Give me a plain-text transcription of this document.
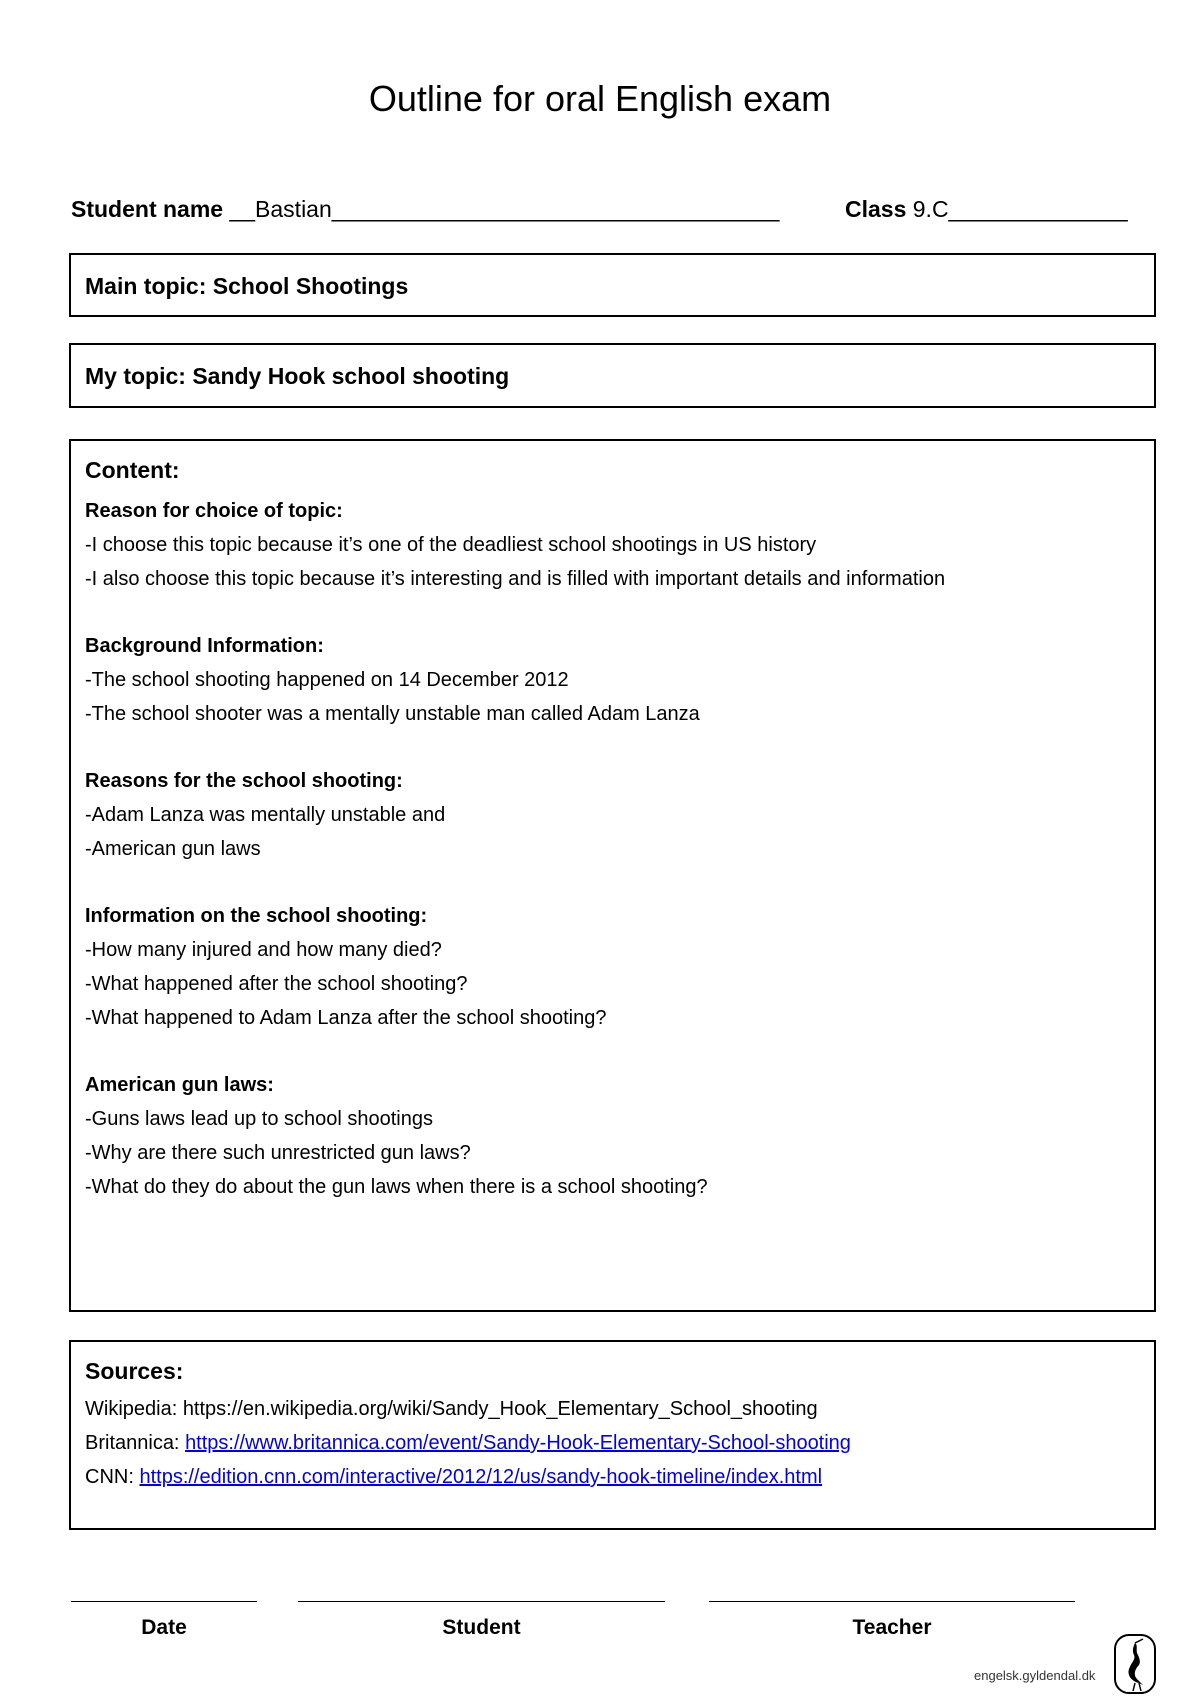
Outline for oral English exam
Student name __Bastian___________________________________	Class 9.C______________
Main topic: School Shootings
My topic: Sandy Hook school shooting
Content:
Reason for choice of topic:
-I choose this topic because it’s one of the deadliest school shootings in US history
-I also choose this topic because it’s interesting and is filled with important details and information
Background Information:
-The school shooting happened on 14 December 2012
-The school shooter was a mentally unstable man called Adam Lanza
Reasons for the school shooting:
-Adam Lanza was mentally unstable and
-American gun laws
Information on the school shooting:
-How many injured and how many died?
-What happened after the school shooting?
-What happened to Adam Lanza after the school shooting?
American gun laws:
-Guns laws lead up to school shootings
-Why are there such unrestricted gun laws?
-What do they do about the gun laws when there is a school shooting?
Sources:
Wikipedia: https://en.wikipedia.org/wiki/Sandy_Hook_Elementary_School_shooting
Britannica: https://www.britannica.com/event/Sandy-Hook-Elementary-School-shooting
CNN: https://edition.cnn.com/interactive/2012/12/us/sandy-hook-timeline/index.html
Date	Student	Teacher
engelsk.gyldendal.dk
